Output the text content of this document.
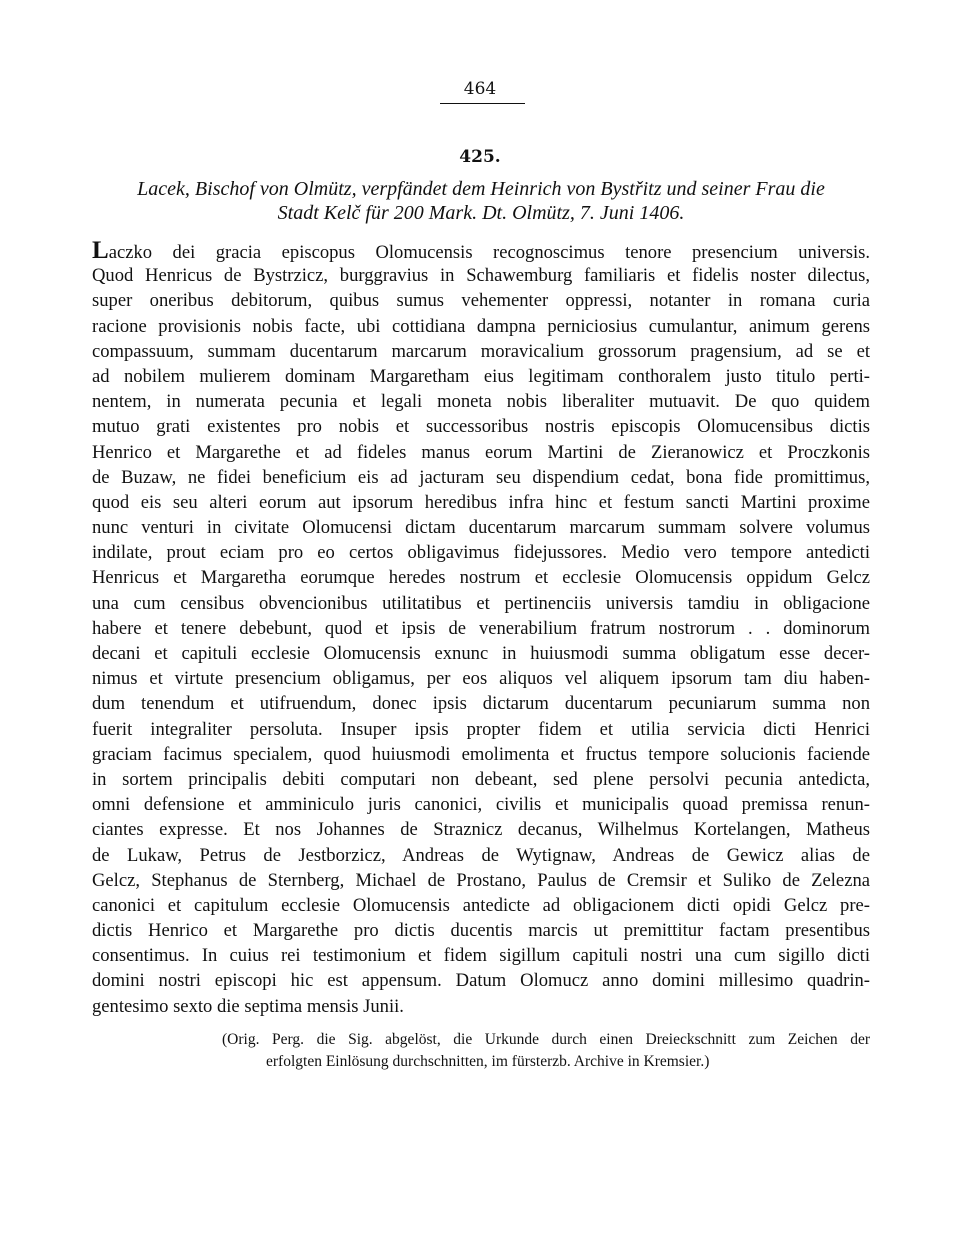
464
425.
Lacek, Bischof von Olmütz, verpfändet dem Heinrich von Bystřitz und seiner Frau die
Stadt Kelč für 200 Mark. Dt. Olmütz, 7. Juni 1406.
Laczko dei gracia episcopus Olomucensis recognoscimus tenore presencium universis.
Quod Henricus de Bystrzicz, burggravius in Schawemburg familiaris et fidelis noster dilectus,
super oneribus debitorum, quibus sumus vehementer oppressi, notanter in romana curia
racione provisionis nobis facte, ubi cottidiana dampna perniciosius cumulantur, animum gerens
compassuum, summam ducentarum marcarum moravicalium grossorum pragensium, ad se et
ad nobilem mulierem dominam Margaretham eius legitimam conthoralem justo titulo perti-
nentem, in numerata pecunia et legali moneta nobis liberaliter mutuavit. De quo quidem
mutuo grati existentes pro nobis et successoribus nostris episcopis Olomucensibus dictis
Henrico et Margarethe et ad fideles manus eorum Martini de Zieranowicz et Proczkonis
de Buzaw, ne fidei beneficium eis ad jacturam seu dispendium cedat, bona fide promittimus,
quod eis seu alteri eorum aut ipsorum heredibus infra hinc et festum sancti Martini proxime
nunc venturi in civitate Olomucensi dictam ducentarum marcarum summam solvere volumus
indilate, prout eciam pro eo certos obligavimus fidejussores. Medio vero tempore antedicti
Henricus et Margaretha eorumque heredes nostrum et ecclesie Olomucensis oppidum Gelcz
una cum censibus obvencionibus utilitatibus et pertinenciis universis tamdiu in obligacione
habere et tenere debebunt, quod et ipsis de venerabilium fratrum nostrorum . . dominorum
decani et capituli ecclesie Olomucensis exnunc in huiusmodi summa obligatum esse decer-
nimus et virtute presencium obligamus, per eos aliquos vel aliquem ipsorum tam diu haben-
dum tenendum et utifruendum, donec ipsis dictarum ducentarum pecuniarum summa non
fuerit integraliter persoluta. Insuper ipsis propter fidem et utilia servicia dicti Henrici
graciam facimus specialem, quod huiusmodi emolimenta et fructus tempore solucionis faciende
in sortem principalis debiti computari non debeant, sed plene persolvi pecunia antedicta,
omni defensione et amminiculo juris canonici, civilis et municipalis quoad premissa renun-
ciantes expresse. Et nos Johannes de Straznicz decanus, Wilhelmus Kortelangen, Matheus
de Lukaw, Petrus de Jestborzicz, Andreas de Wytignaw, Andreas de Gewicz alias de
Gelcz, Stephanus de Sternberg, Michael de Prostano, Paulus de Cremsir et Suliko de Zelezna
canonici et capitulum ecclesie Olomucensis antedicte ad obligacionem dicti opidi Gelcz pre-
dictis Henrico et Margarethe pro dictis ducentis marcis ut premittitur factam presentibus
consentimus. In cuius rei testimonium et fidem sigillum capituli nostri una cum sigillo dicti
domini nostri episcopi hic est appensum. Datum Olomucz anno domini millesimo quadrin-
gentesimo sexto die septima mensis Junii.
(Orig. Perg. die Sig. abgelöst, die Urkunde durch einen Dreieckschnitt zum Zeichen der
erfolgten Einlösung durchschnitten, im fürsterzb. Archive in Kremsier.)
